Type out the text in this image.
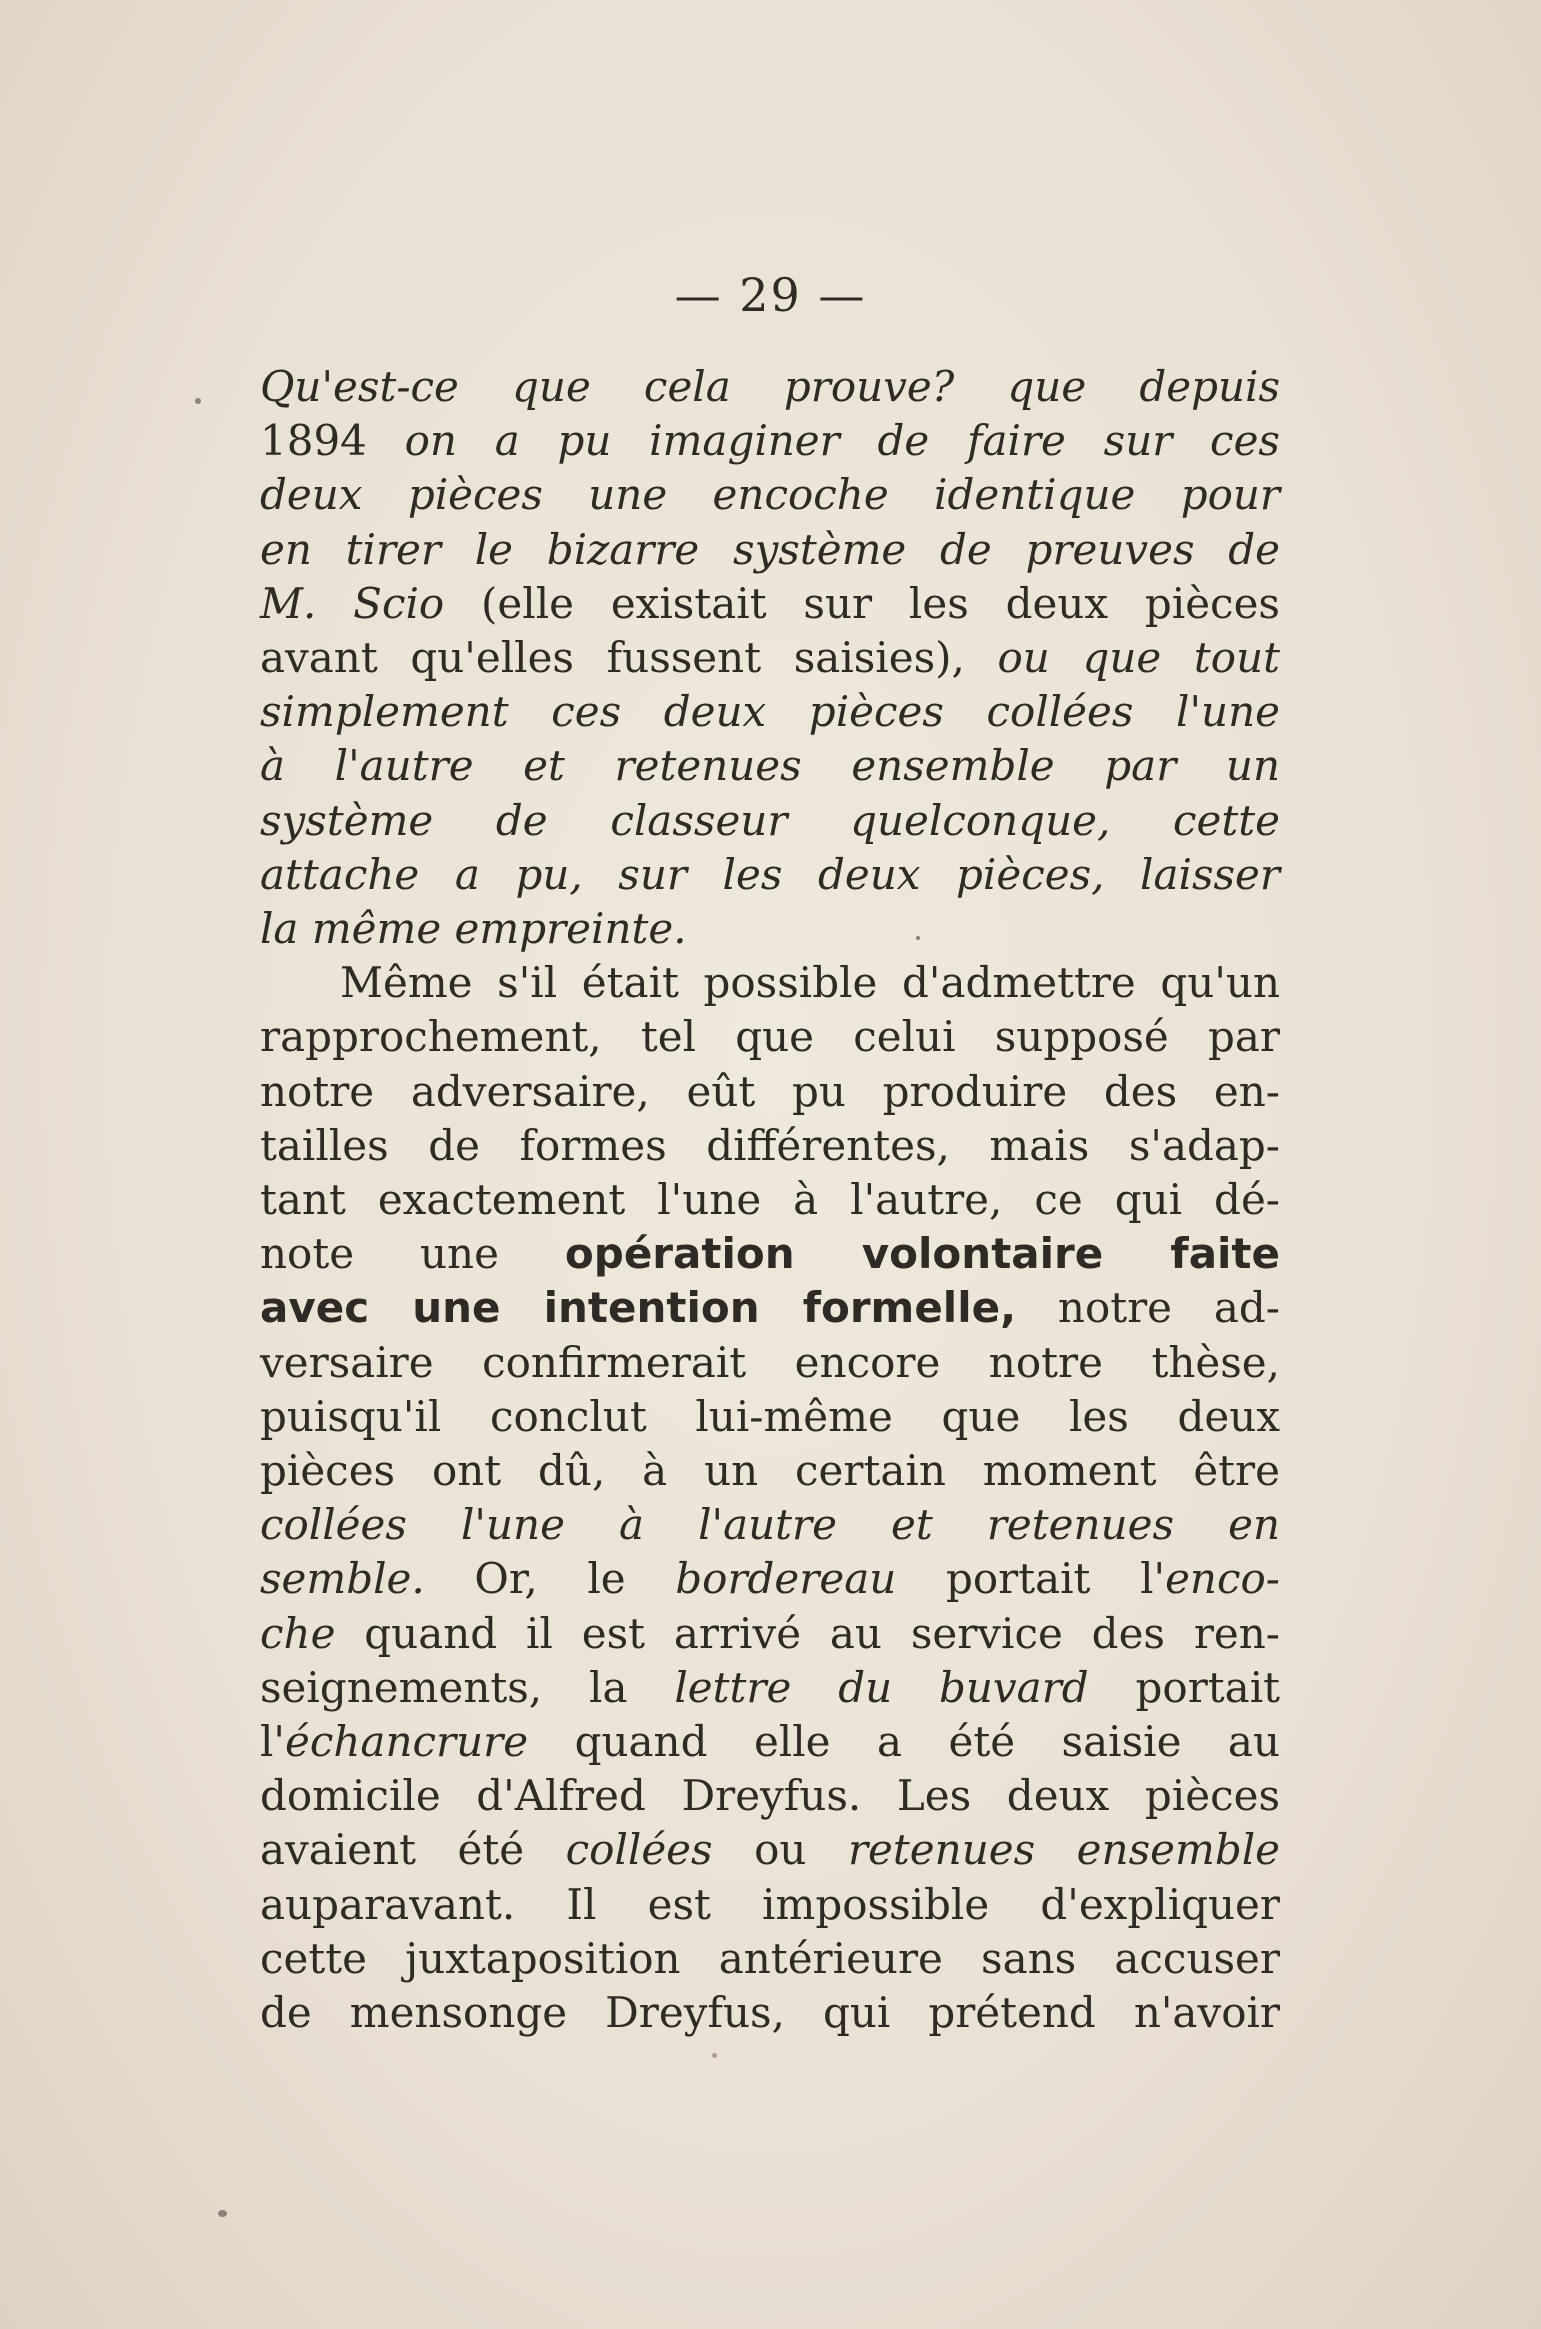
— 29 —
Qu'est-ce que cela prouve? que depuis
1894 on a pu imaginer de faire sur ces
deux pièces une encoche identique pour
en tirer le bizarre système de preuves de
M. Scio (elle existait sur les deux pièces
avant qu'elles fussent saisies), ou que tout
simplement ces deux pièces collées l'une
à l'autre et retenues ensemble par un
système de classeur quelconque, cette
attache a pu, sur les deux pièces, laisser
la même empreinte.
Même s'il était possible d'admettre qu'un
rapprochement, tel que celui supposé par
notre adversaire, eût pu produire des en-
tailles de formes différentes, mais s'adap-
tant exactement l'une à l'autre, ce qui dé-
note une opération volontaire faite
avec une intention formelle, notre ad-
versaire confirmerait encore notre thèse,
puisqu'il conclut lui-même que les deux
pièces ont dû, à un certain moment être
collées l'une à l'autre et retenues en
semble. Or, le bordereau portait l'enco-
che quand il est arrivé au service des ren-
seignements, la lettre du buvard portait
l'échancrure quand elle a été saisie au
domicile d'Alfred Dreyfus. Les deux pièces
avaient été collées ou retenues ensemble
auparavant. Il est impossible d'expliquer
cette juxtaposition antérieure sans accuser
de mensonge Dreyfus, qui prétend n'avoir
